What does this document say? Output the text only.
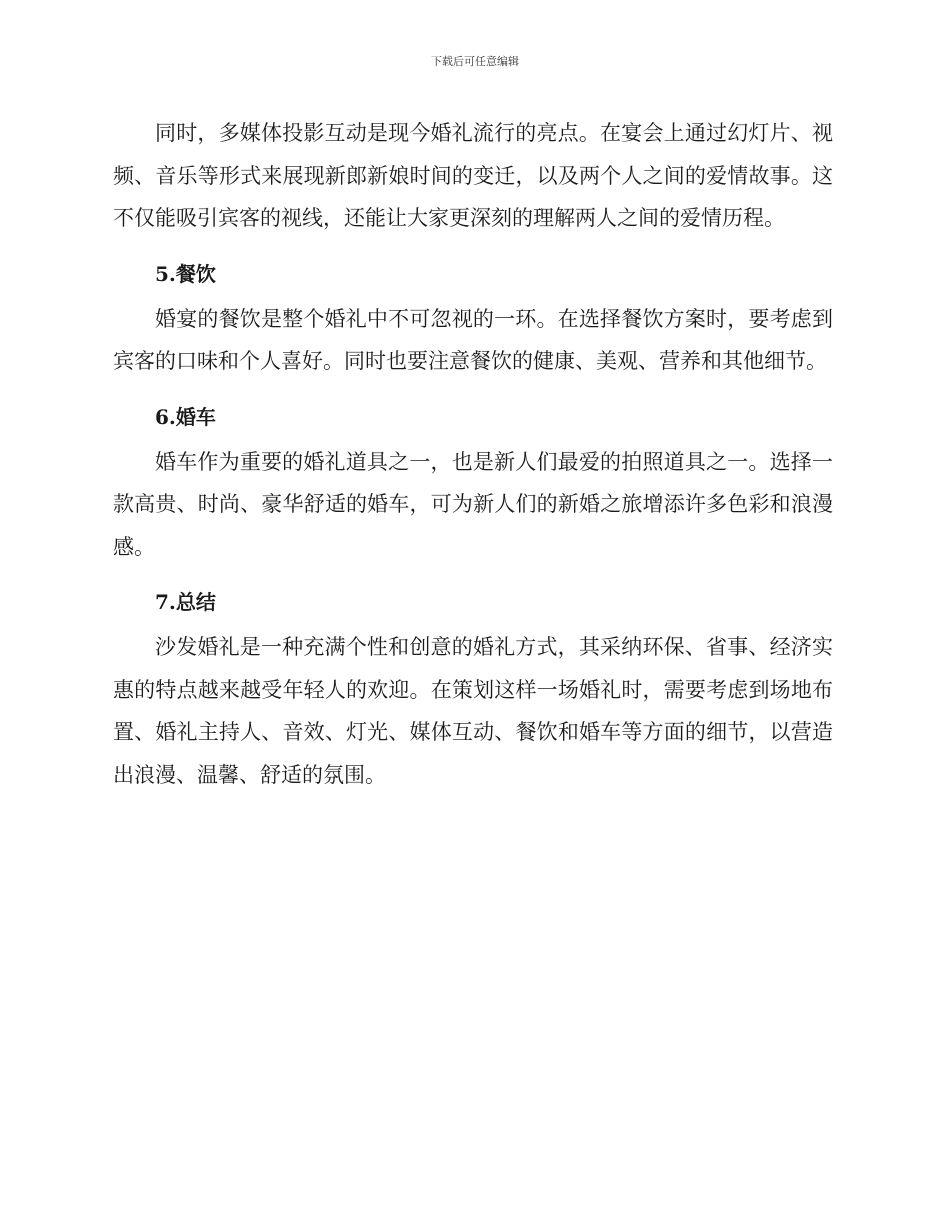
下载后可任意编辑

同时，多媒体投影互动是现今婚礼流行的亮点。在宴会上通过幻灯片、视频、音乐等形式来展现新郎新娘时间的变迁，以及两个人之间的爱情故事。这不仅能吸引宾客的视线，还能让大家更深刻的理解两人之间的爱情历程。

5.餐饮

婚宴的餐饮是整个婚礼中不可忽视的一环。在选择餐饮方案时，要考虑到宾客的口味和个人喜好。同时也要注意餐饮的健康、美观、营养和其他细节。

6.婚车

婚车作为重要的婚礼道具之一，也是新人们最爱的拍照道具之一。选择一款高贵、时尚、豪华舒适的婚车，可为新人们的新婚之旅增添许多色彩和浪漫感。

7.总结

沙发婚礼是一种充满个性和创意的婚礼方式，其采纳环保、省事、经济实惠的特点越来越受年轻人的欢迎。在策划这样一场婚礼时，需要考虑到场地布置、婚礼主持人、音效、灯光、媒体互动、餐饮和婚车等方面的细节，以营造出浪漫、温馨、舒适的氛围。
